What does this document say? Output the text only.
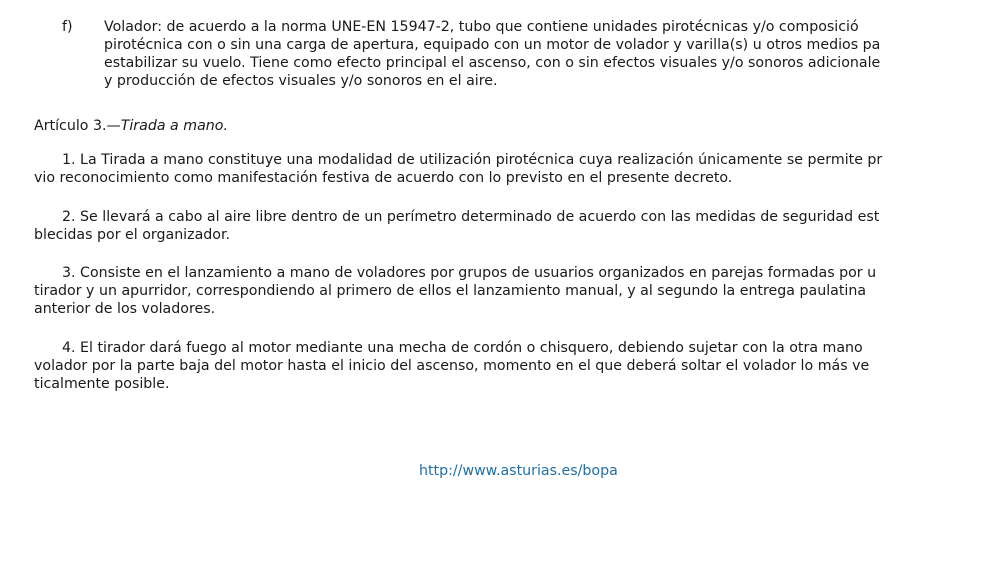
f) Volador: de acuerdo a la norma UNE-EN 15947-2, tubo que contiene unidades pirotécnicas y/o composició
pirotécnica con o sin una carga de apertura, equipado con un motor de volador y varilla(s) u otros medios pa
estabilizar su vuelo. Tiene como efecto principal el ascenso, con o sin efectos visuales y/o sonoros adicionale
y producción de efectos visuales y/o sonoros en el aire.
Artículo 3.—Tirada a mano.
1. La Tirada a mano constituye una modalidad de utilización pirotécnica cuya realización únicamente se permite pr
vio reconocimiento como manifestación festiva de acuerdo con lo previsto en el presente decreto.
2. Se llevará a cabo al aire libre dentro de un perímetro determinado de acuerdo con las medidas de seguridad est
blecidas por el organizador.
3. Consiste en el lanzamiento a mano de voladores por grupos de usuarios organizados en parejas formadas por u
tirador y un apurridor, correspondiendo al primero de ellos el lanzamiento manual, y al segundo la entrega paulatina
anterior de los voladores.
4. El tirador dará fuego al motor mediante una mecha de cordón o chisquero, debiendo sujetar con la otra mano
volador por la parte baja del motor hasta el inicio del ascenso, momento en el que deberá soltar el volador lo más ve
ticalmente posible.
http://www.asturias.es/bopa
